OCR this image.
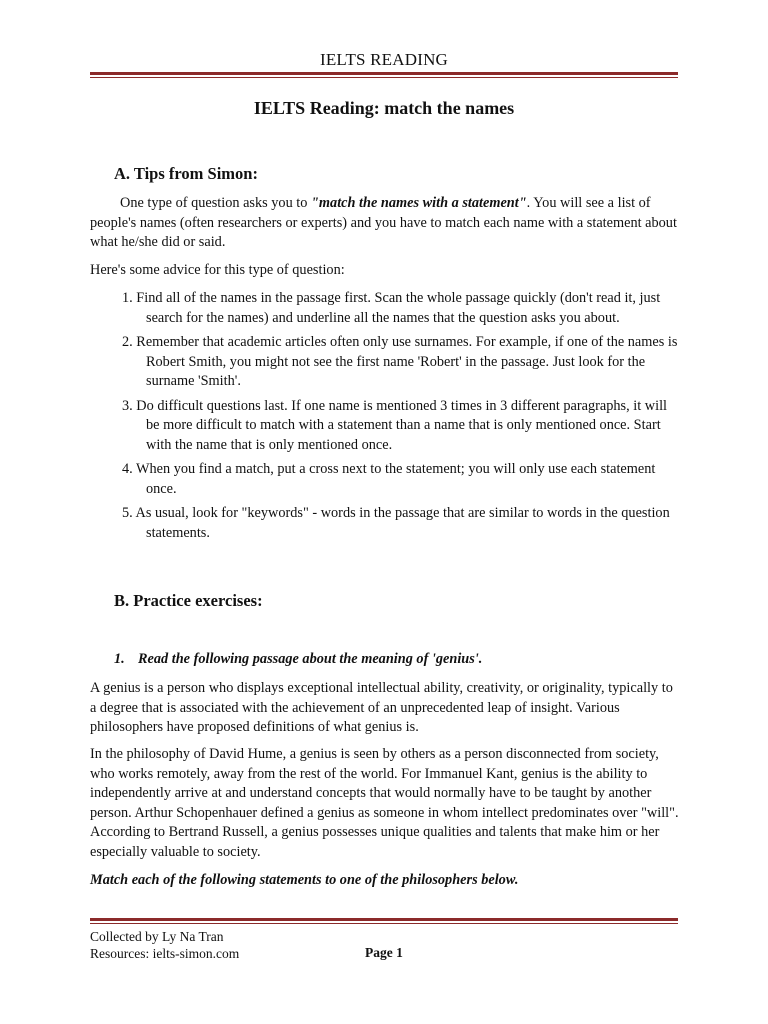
IELTS READING
IELTS Reading: match the names
A. Tips from Simon:

One type of question asks you to "match the names with a statement". You will see a list of people's names (often researchers or experts) and you have to match each name with a statement about what he/she did or said.

Here's some advice for this type of question:

1. Find all of the names in the passage first. Scan the whole passage quickly (don't read it, just search for the names) and underline all the names that the question asks you about.
2. Remember that academic articles often only use surnames. For example, if one of the names is Robert Smith, you might not see the first name 'Robert' in the passage. Just look for the surname 'Smith'.
3. Do difficult questions last. If one name is mentioned 3 times in 3 different paragraphs, it will be more difficult to match with a statement than a name that is only mentioned once. Start with the name that is only mentioned once.
4. When you find a match, put a cross next to the statement; you will only use each statement once.
5. As usual, look for "keywords" - words in the passage that are similar to words in the question statements.
B. Practice exercises:
1. Read the following passage about the meaning of 'genius'.

A genius is a person who displays exceptional intellectual ability, creativity, or originality, typically to a degree that is associated with the achievement of an unprecedented leap of insight. Various philosophers have proposed definitions of what genius is.

In the philosophy of David Hume, a genius is seen by others as a person disconnected from society, who works remotely, away from the rest of the world. For Immanuel Kant, genius is the ability to independently arrive at and understand concepts that would normally have to be taught by another person. Arthur Schopenhauer defined a genius as someone in whom intellect predominates over "will". According to Bertrand Russell, a genius possesses unique qualities and talents that make him or her especially valuable to society.

Match each of the following statements to one of the philosophers below.

Collected by Ly Na Tran
Resources: ielts-simon.com	Page 1
